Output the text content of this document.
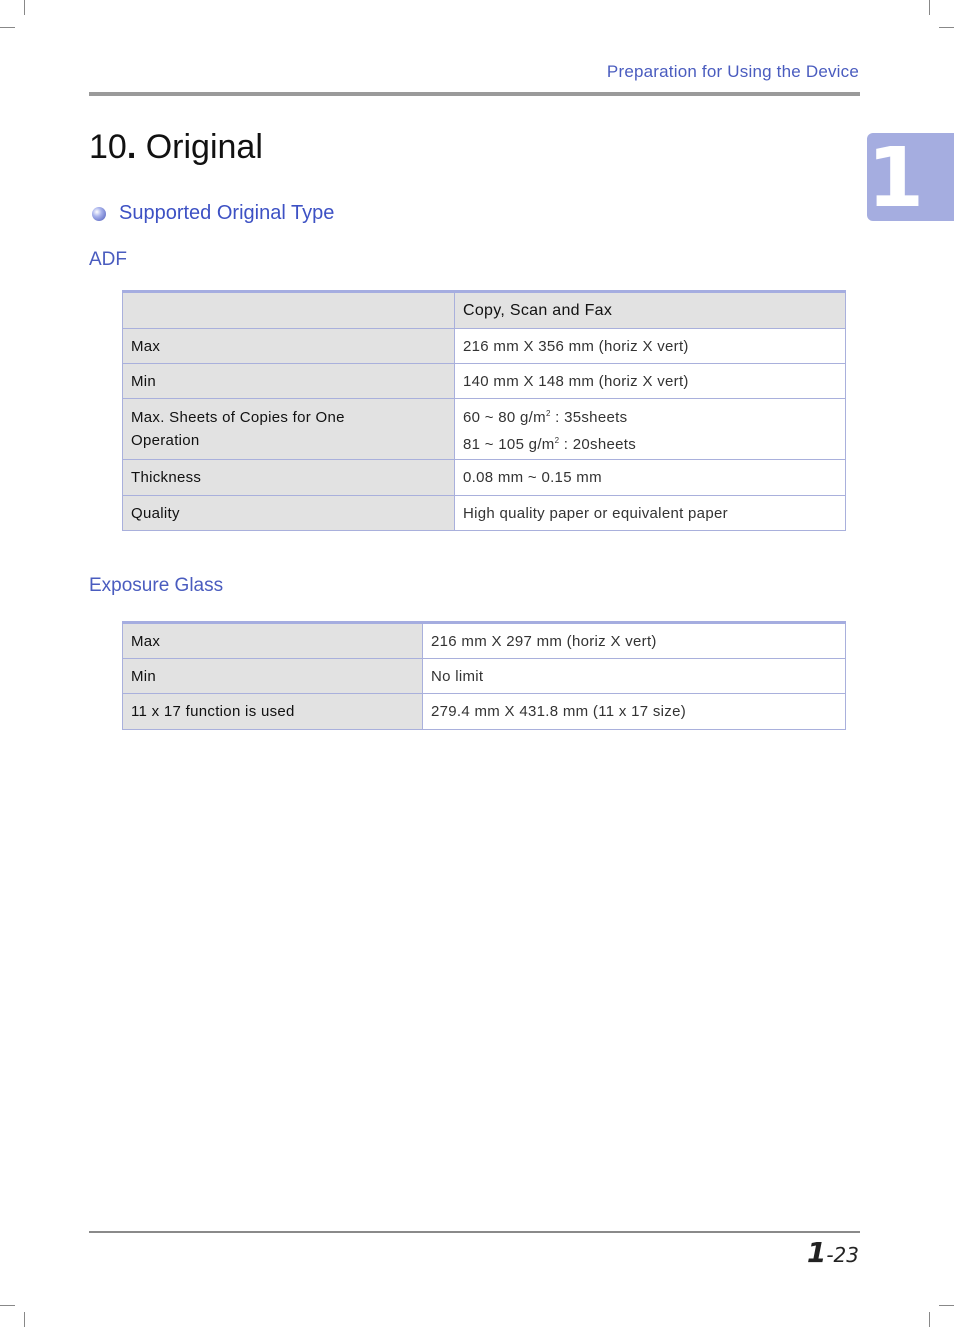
Preparation for Using the Device
1
10. Original
Supported Original Type
ADF
	Copy, Scan and Fax
Max	216 mm X 356 mm (horiz X vert)
Min	140 mm X 148 mm (horiz X vert)
Max. Sheets of Copies for One Operation	60 ~ 80 $g/m^2$ : 35sheets
81 ~ 105 $g/m^2$ : 20sheets

Thickness	0.08 mm ~ 0.15 mm
Quality	High quality paper or equivalent paper
Exposure Glass
Max	216 mm X 297 mm (horiz X vert)
Min	No limit
11 x 17 function is used	279.4 mm X 431.8 mm (11 x 17 size)
1-23
